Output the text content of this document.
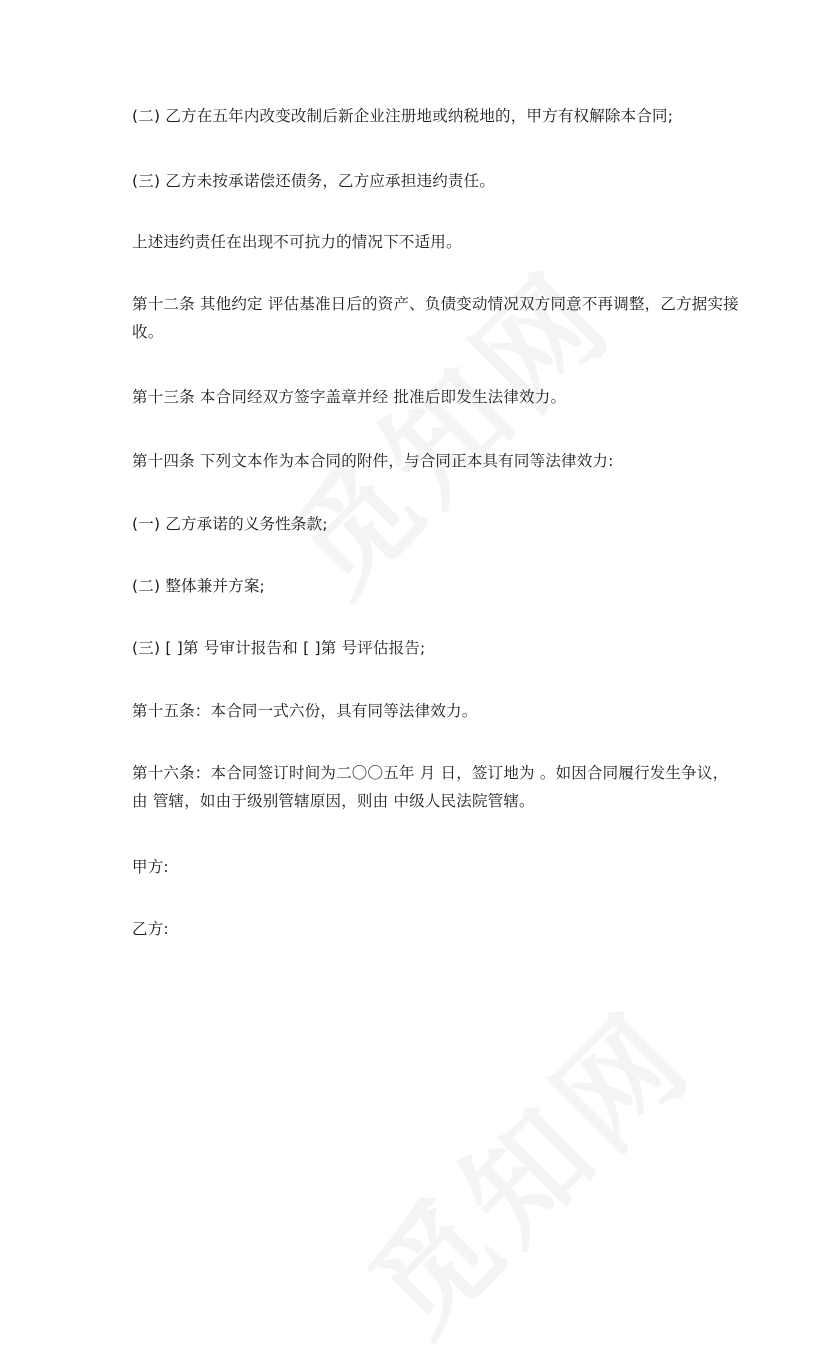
(二) 乙方在五年内改变改制后新企业注册地或纳税地的，甲方有权解除本合同;

(三) 乙方未按承诺偿还债务，乙方应承担违约责任。

上述违约责任在出现不可抗力的情况下不适用。

第十二条 其他约定 评估基准日后的资产、负债变动情况双方同意不再调整，乙方据实接收。

第十三条 本合同经双方签字盖章并经 批准后即发生法律效力。

第十四条 下列文本作为本合同的附件，与合同正本具有同等法律效力:

(一) 乙方承诺的义务性条款;

(二) 整体兼并方案;

(三) [ ]第 号审计报告和 [ ]第 号评估报告;

第十五条：本合同一式六份，具有同等法律效力。

第十六条：本合同签订时间为二〇〇五年 月 日，签订地为 。如因合同履行发生争议，由 管辖，如由于级别管辖原因，则由 中级人民法院管辖。

甲方:

乙方:
